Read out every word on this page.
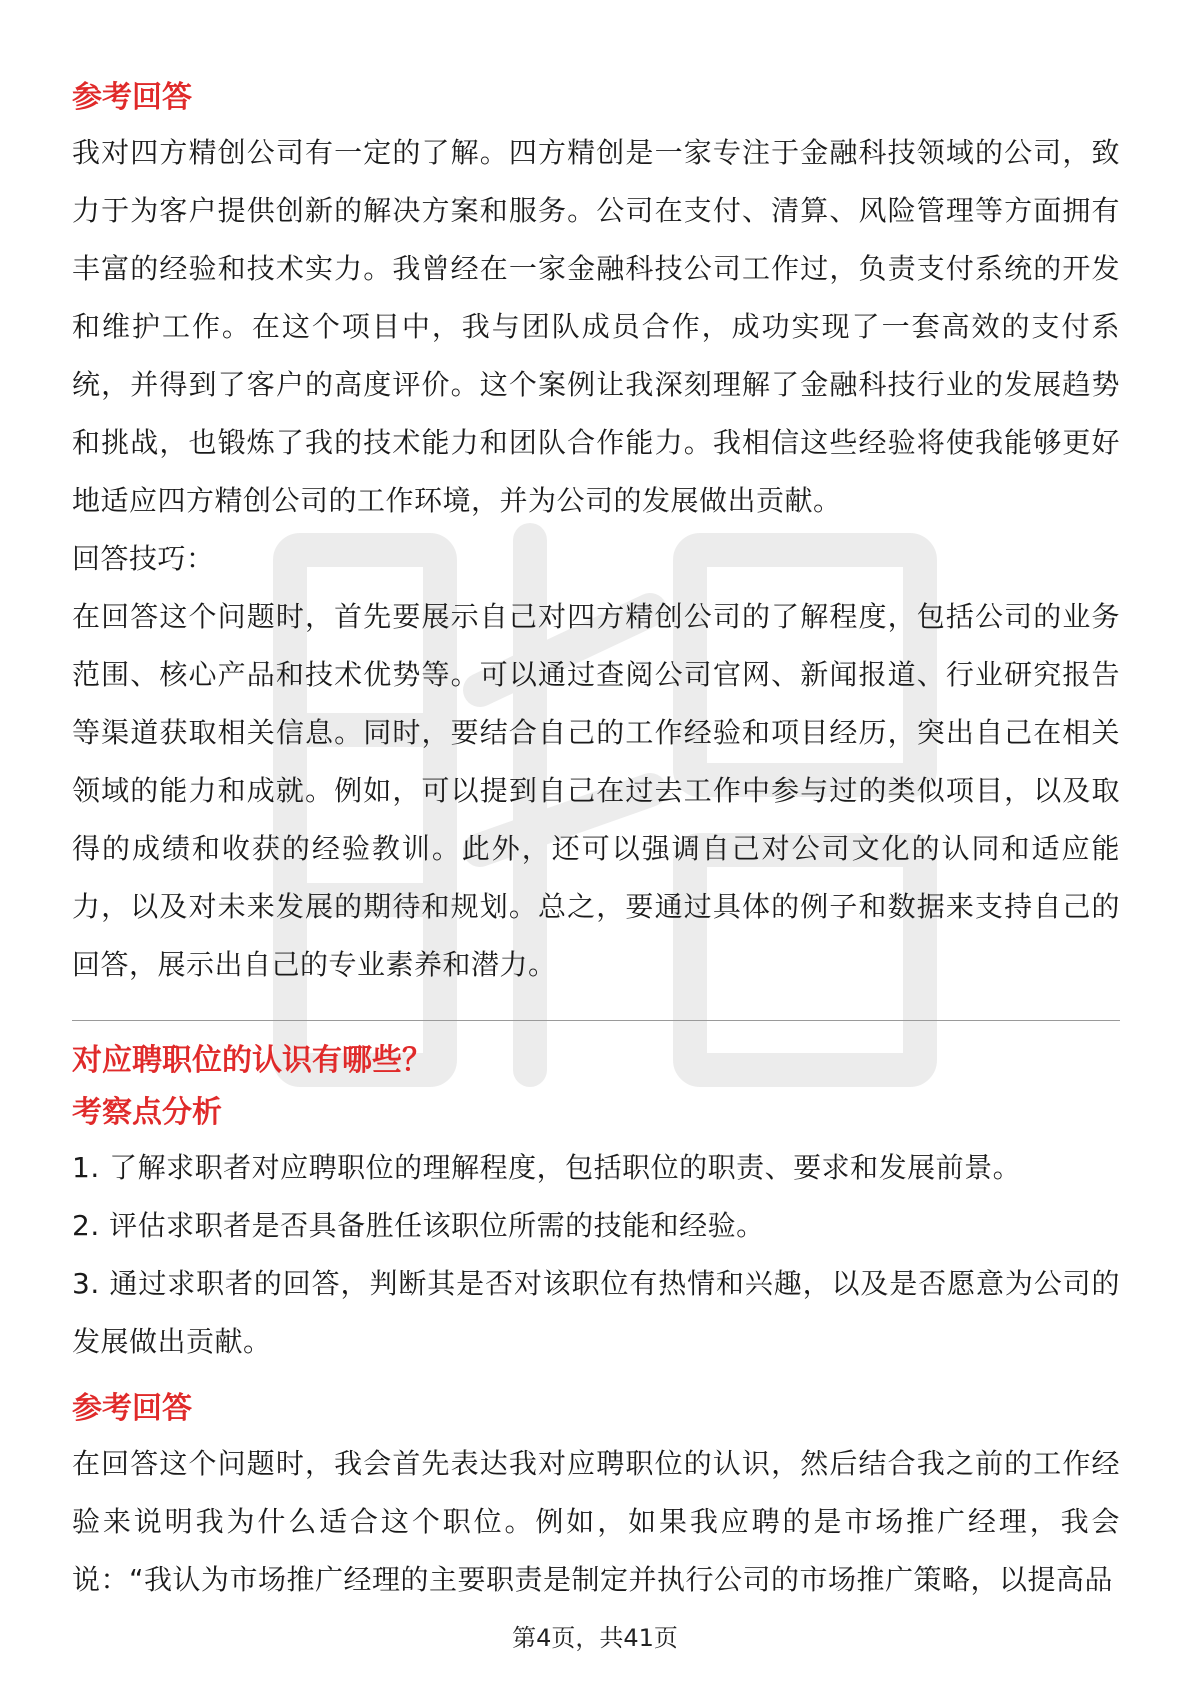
参考回答

我对四方精创公司有一定的了解。四方精创是一家专注于金融科技领域的公司，致力于为客户提供创新的解决方案和服务。公司在支付、清算、风险管理等方面拥有丰富的经验和技术实力。我曾经在一家金融科技公司工作过，负责支付系统的开发和维护工作。在这个项目中，我与团队成员合作，成功实现了一套高效的支付系统，并得到了客户的高度评价。这个案例让我深刻理解了金融科技行业的发展趋势和挑战，也锻炼了我的技术能力和团队合作能力。我相信这些经验将使我能够更好地适应四方精创公司的工作环境，并为公司的发展做出贡献。

回答技巧：

在回答这个问题时，首先要展示自己对四方精创公司的了解程度，包括公司的业务范围、核心产品和技术优势等。可以通过查阅公司官网、新闻报道、行业研究报告等渠道获取相关信息。同时，要结合自己的工作经验和项目经历，突出自己在相关领域的能力和成就。例如，可以提到自己在过去工作中参与过的类似项目，以及取得的成绩和收获的经验教训。此外，还可以强调自己对公司文化的认同和适应能力，以及对未来发展的期待和规划。总之，要通过具体的例子和数据来支持自己的回答，展示出自己的专业素养和潜力。

对应聘职位的认识有哪些？

考察点分析

1. 了解求职者对应聘职位的理解程度，包括职位的职责、要求和发展前景。

2. 评估求职者是否具备胜任该职位所需的技能和经验。

3. 通过求职者的回答，判断其是否对该职位有热情和兴趣，以及是否愿意为公司的发展做出贡献。

参考回答

在回答这个问题时，我会首先表达我对应聘职位的认识，然后结合我之前的工作经验来说明我为什么适合这个职位。例如，如果我应聘的是市场推广经理，我会说：“我认为市场推广经理的主要职责是制定并执行公司的市场推广策略，以提高品

第4页，共41页
